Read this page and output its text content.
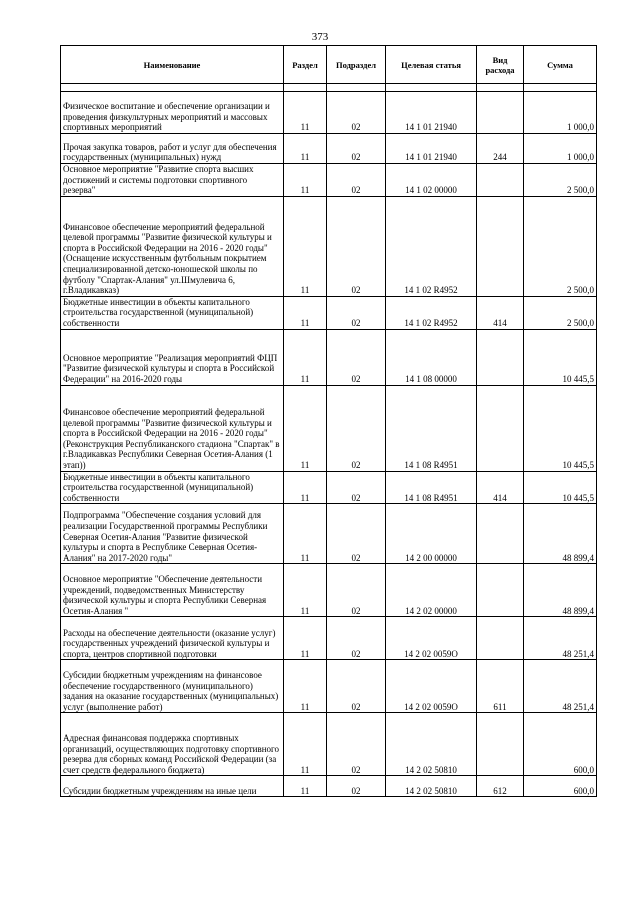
373
Наименование	Раздел	Подраздел	Целевая статья	Вид расхода	Сумма

Физическое воспитание и обеспечение организации и проведения физкультурных мероприятий и массовых спортивных мероприятий	11	02	14 1 01 21940		1 000,0
Прочая закупка товаров, работ и услуг для обеспечения государственных (муниципальных) нужд	11	02	14 1 01 21940	244	1 000,0
Основное мероприятие "Развитие спорта высших достижений и системы подготовки спортивного резерва"	11	02	14 1 02 00000		2 500,0
Финансовое обеспечение мероприятий федеральной целевой программы "Развитие физической культуры и спорта в Российской Федерации на 2016 - 2020 годы" (Оснащение искусственным футбольным покрытием специализированной детско-юношеской школы по футболу "Спартак-Алания" ул.Шмулевича 6, г.Владикавказ)	11	02	14 1 02 R4952		2 500,0
Бюджетные инвестиции в объекты капитального строительства государственной (муниципальной) собственности	11	02	14 1 02 R4952	414	2 500,0
Основное мероприятие "Реализация мероприятий ФЦП "Развитие физической культуры и спорта в Российской Федерации" на 2016-2020 годы	11	02	14 1 08 00000		10 445,5
Финансовое обеспечение мероприятий федеральной целевой программы "Развитие физической культуры и спорта в Российской Федерации на 2016 - 2020 годы" (Реконструкция Республиканского стадиона "Спартак" в г.Владикавказ Республики Северная Осетия-Алания (1 этап))	11	02	14 1 08 R4951		10 445,5
Бюджетные инвестиции в объекты капитального строительства государственной (муниципальной) собственности	11	02	14 1 08 R4951	414	10 445,5
Подпрограмма "Обеспечение создания условий для реализации Государственной программы Республики Северная Осетия-Алания "Развитие физической культуры и спорта в Республике Северная Осетия-Алания" на 2017-2020 годы"	11	02	14 2 00 00000		48 899,4
Основное мероприятие "Обеспечение деятельности учреждений, подведомственных Министерству физической культуры и спорта Республики Северная Осетия-Алания "	11	02	14 2 02 00000		48 899,4
Расходы на обеспечение деятельности (оказание услуг) государственных учреждений физической культуры и спорта, центров спортивной подготовки	11	02	14 2 02 0059O		48 251,4
Субсидии бюджетным учреждениям на финансовое обеспечение государственного (муниципального) задания на оказание государственных (муниципальных) услуг (выполнение работ)	11	02	14 2 02 0059O	611	48 251,4
Адресная финансовая поддержка спортивных организаций, осуществляющих подготовку спортивного резерва для сборных команд Российской Федерации (за счет средств федерального бюджета)	11	02	14 2 02 50810		600,0
Субсидии бюджетным учреждениям на иные цели	11	02	14 2 02 50810	612	600,0
